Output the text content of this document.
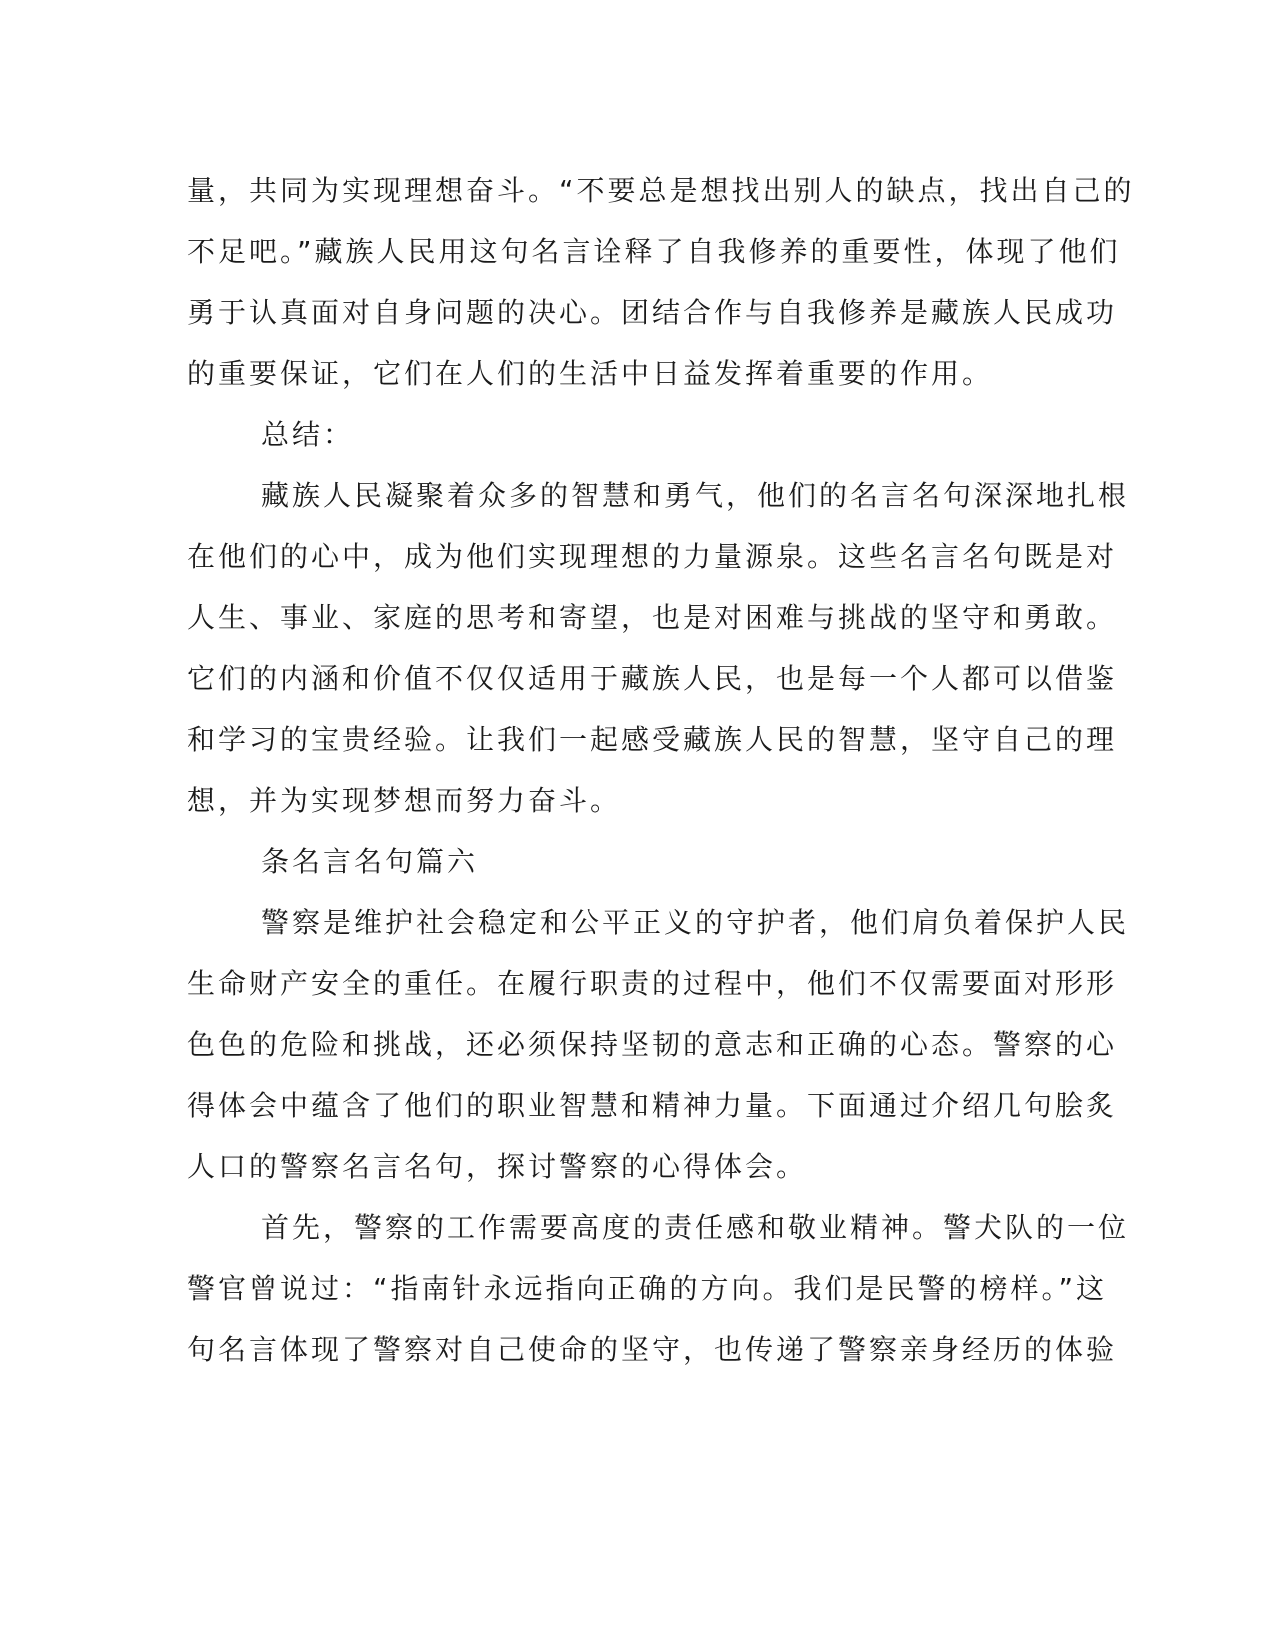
量，共同为实现理想奋斗。“不要总是想找出别人的缺点，找出自己的
不足吧。”藏族人民用这句名言诠释了自我修养的重要性，体现了他们
勇于认真面对自身问题的决心。团结合作与自我修养是藏族人民成功
的重要保证，它们在人们的生活中日益发挥着重要的作用。
总结：
藏族人民凝聚着众多的智慧和勇气，他们的名言名句深深地扎根
在他们的心中，成为他们实现理想的力量源泉。这些名言名句既是对
人生、事业、家庭的思考和寄望，也是对困难与挑战的坚守和勇敢。
它们的内涵和价值不仅仅适用于藏族人民，也是每一个人都可以借鉴
和学习的宝贵经验。让我们一起感受藏族人民的智慧，坚守自己的理
想，并为实现梦想而努力奋斗。
条名言名句篇六
警察是维护社会稳定和公平正义的守护者，他们肩负着保护人民
生命财产安全的重任。在履行职责的过程中，他们不仅需要面对形形
色色的危险和挑战，还必须保持坚韧的意志和正确的心态。警察的心
得体会中蕴含了他们的职业智慧和精神力量。下面通过介绍几句脍炙
人口的警察名言名句，探讨警察的心得体会。
首先，警察的工作需要高度的责任感和敬业精神。警犬队的一位
警官曾说过：“指南针永远指向正确的方向。我们是民警的榜样。”这
句名言体现了警察对自己使命的坚守，也传递了警察亲身经历的体验
